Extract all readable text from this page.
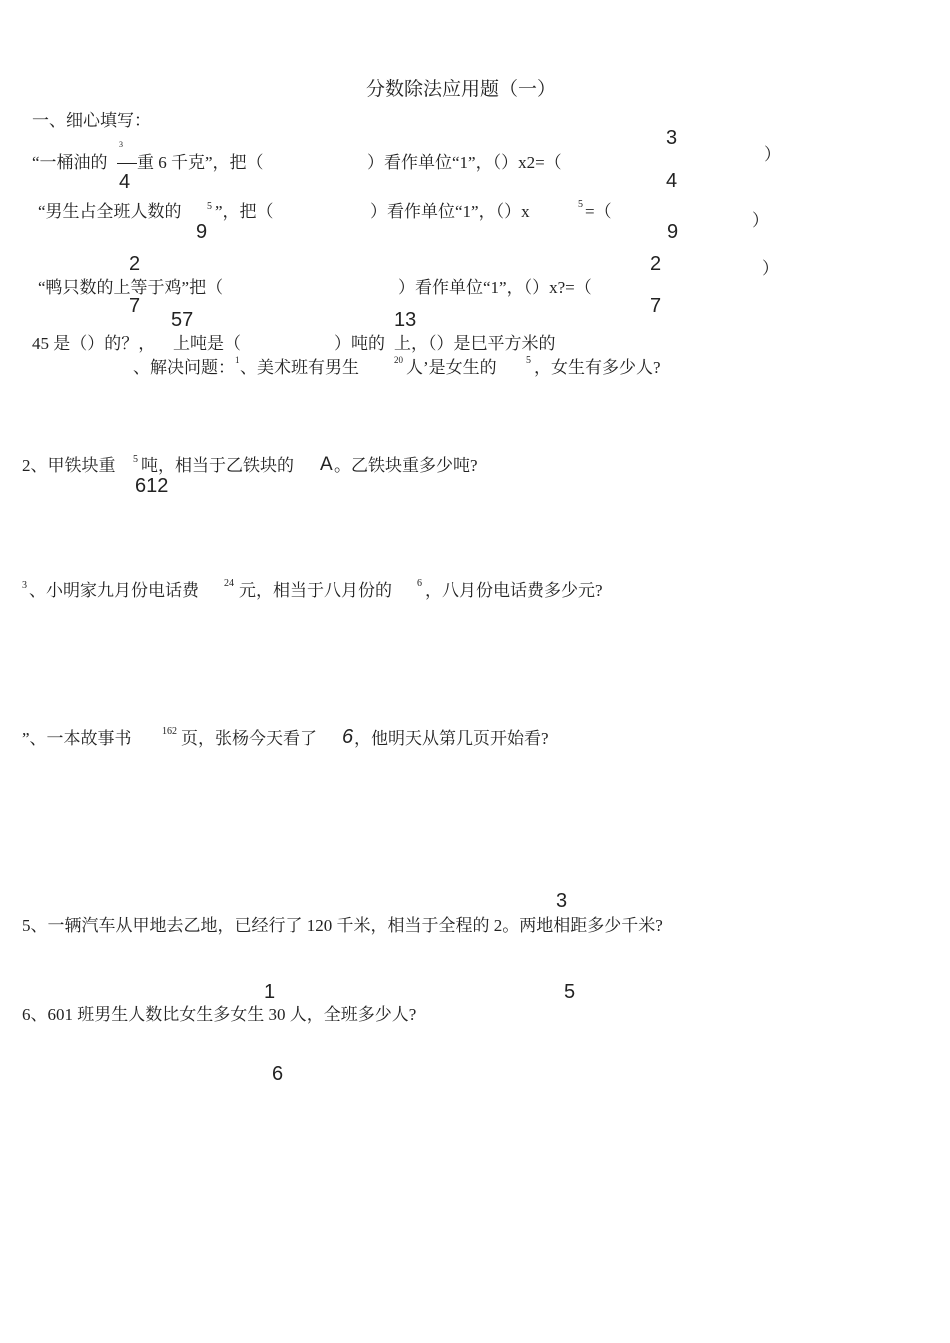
分数除法应用题（一）
一、细心填写：
3
“一桶油的
3
重 6 千克”，把（	）看作单位“1”，（）x2=（	）
4	4
“男生占全班人数的	5 ”，把（	）看作单位“1”，（）x	5 =（	）
9	9
2	2	）
“鸭只数的上等于鸡”把（	）看作单位“1”，（）x?=（
7	7
57	13
45 是（）的？， 上吨是（	）吨的 上，（）是巳平方米的
、解决问题： 1 、美术班有男生	20 人’是女生的	5 ，女生有多少人?
2、甲铁块重 5 吨，相当于乙铁块的 A 。乙铁块重多少吨?
612
3 、小明家九月份电话费	24 元，相当于八月份的	6 ，八月份电话费多少元?
”、一本故事书	162 页，张杨今天看了 6 ，他明天从第几页开始看?
3
5、一辆汽车从甲地去乙地，已经行了 120 千米，相当于全程的 2。两地相距多少千米?
1	5
6、601 班男生人数比女生多女生 30 人，全班多少人?
6
